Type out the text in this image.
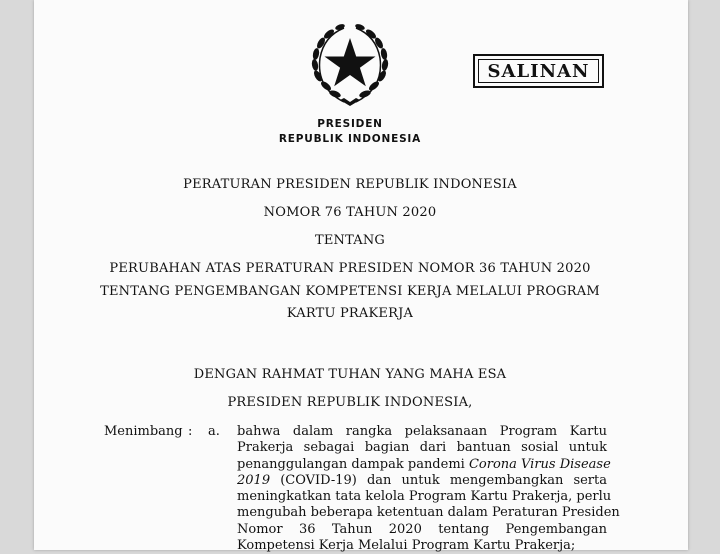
SALINAN
PRESIDEN
REPUBLIK INDONESIA
PERATURAN PRESIDEN REPUBLIK INDONESIA
NOMOR 76 TAHUN 2020
TENTANG
PERUBAHAN ATAS PERATURAN PRESIDEN NOMOR 36 TAHUN 2020
TENTANG PENGEMBANGAN KOMPETENSI KERJA MELALUI PROGRAM
KARTU PRAKERJA
DENGAN RAHMAT TUHAN YANG MAHA ESA
PRESIDEN REPUBLIK INDONESIA,
Menimbang : a. bahwa dalam rangka pelaksanaan Program Kartu
Prakerja sebagai bagian dari bantuan sosial untuk
penanggulangan dampak pandemi Corona Virus Disease
2019 (COVID-19) dan untuk mengembangkan serta
meningkatkan tata kelola Program Kartu Prakerja, perlu
mengubah beberapa ketentuan dalam Peraturan Presiden
Nomor 36 Tahun 2020 tentang Pengembangan
Kompetensi Kerja Melalui Program Kartu Prakerja;
